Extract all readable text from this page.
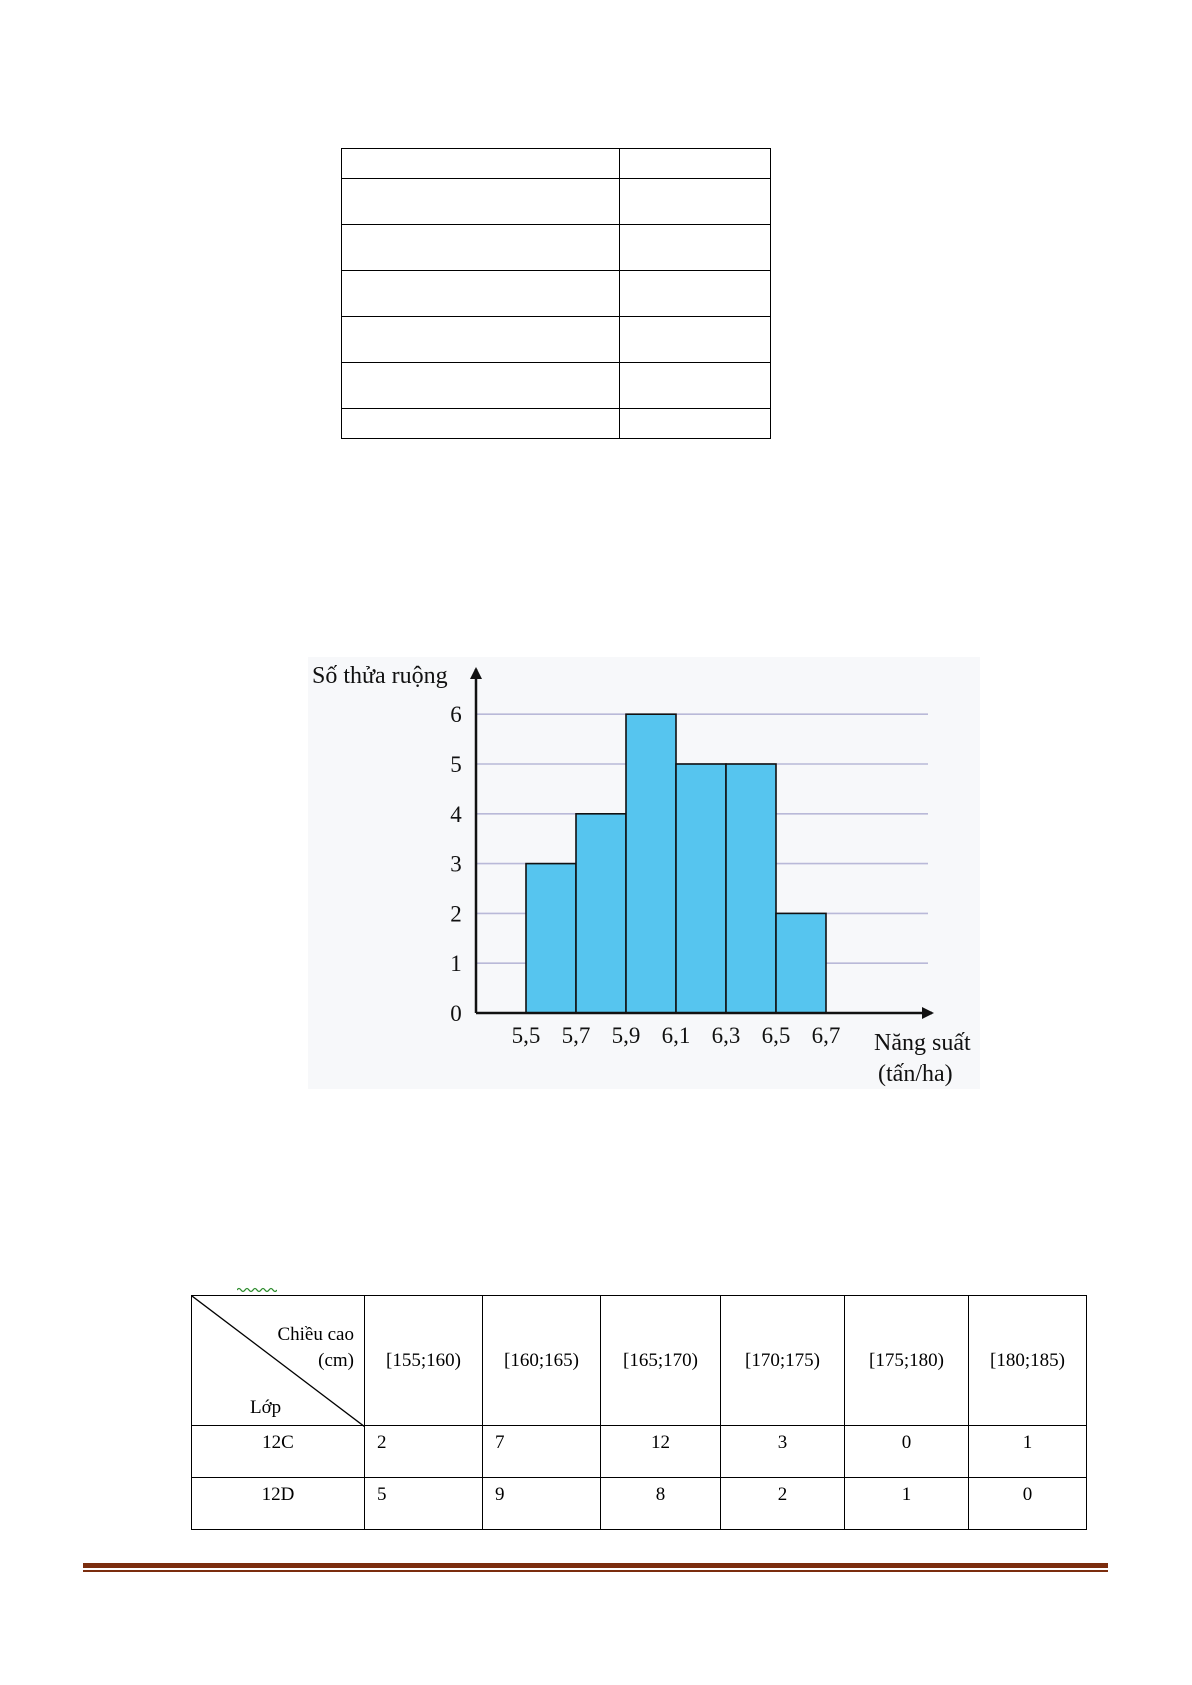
0
1
2
3
4
5
6
5,5 5,7 5,9 6,1 6,3 6,5 6,7
Số thửa ruộng
Năng suất
(tấn/ha)
Chiều cao
(cm)
Lớp	[155;160)	[160;165)	[165;170)	[170;175)	[175;180)	[180;185)
12C	2	7	12	3	0	1
12D	5	9	8	2	1	0
